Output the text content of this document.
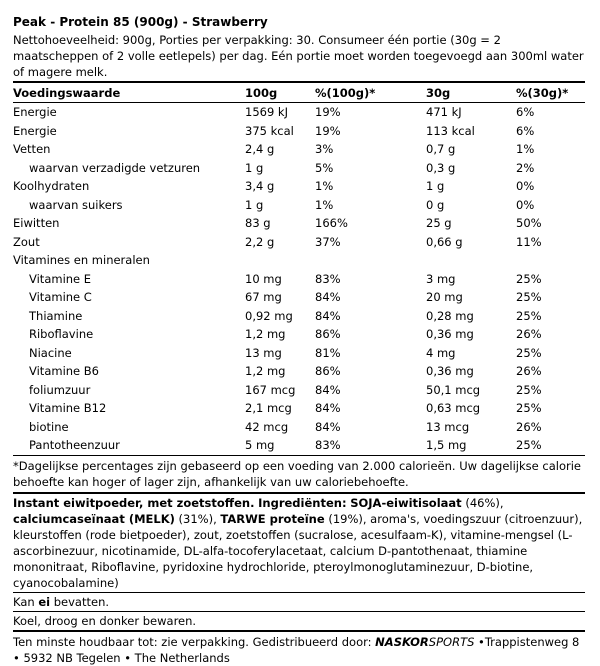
Peak - Protein 85 (900g) - Strawberry
Nettohoeveelheid: 900g, Porties per verpakking: 30. Consumeer één portie (30g = 2 maatscheppen of 2 volle eetlepels) per dag. Eén portie moet worden toegevoegd aan 300ml water of magere melk.
Voedingswaarde	100g	%(100g)*	30g	%(30g)*
Energie	1569 kJ	19%	471 kJ	6%
Energie	375 kcal	19%	113 kcal	6%
Vetten	2,4 g	3%	0,7 g	1%
waarvan verzadigde vetzuren	1 g	5%	0,3 g	2%
Koolhydraten	3,4 g	1%	1 g	0%
waarvan suikers	1 g	1%	0 g	0%
Eiwitten	83 g	166%	25 g	50%
Zout	2,2 g	37%	0,66 g	11%
Vitamines en mineralen				
Vitamine E	10 mg	83%	3 mg	25%
Vitamine C	67 mg	84%	20 mg	25%
Thiamine	0,92 mg	84%	0,28 mg	25%
Riboflavine	1,2 mg	86%	0,36 mg	26%
Niacine	13 mg	81%	4 mg	25%
Vitamine B6	1,2 mg	86%	0,36 mg	26%
foliumzuur	167 mcg	84%	50,1 mcg	25%
Vitamine B12	2,1 mcg	84%	0,63 mcg	25%
biotine	42 mcg	84%	13 mcg	26%
Pantotheenzuur	5 mg	83%	1,5 mg	25%
*Dagelijkse percentages zijn gebaseerd op een voeding van 2.000 calorieën. Uw dagelijkse calorie behoefte kan hoger of lager zijn, afhankelijk van uw caloriebehoefte.
Instant eiwitpoeder, met zoetstoffen. Ingrediënten: SOJA-eiwitisolaat (46%), calciumcaseïnaat (MELK) (31%), TARWE proteïne (19%), aroma's, voedingszuur (citroenzuur), kleurstoffen (rode bietpoeder), zout, zoetstoffen (sucralose, acesulfaam-K), vitamine-mengsel (L-ascorbinezuur, nicotinamide, DL-alfa-tocoferylacetaat, calcium D-pantothenaat, thiamine mononitraat, Riboflavine, pyridoxine hydrochloride, pteroylmonoglutaminezuur, D-biotine, cyanocobalamine)
Kan ei bevatten.
Koel, droog en donker bewaren.
Ten minste houdbaar tot: zie verpakking. Gedistribueerd door: NASKORSPORTS •Trappistenweg 8 • 5932 NB Tegelen • The Netherlands
